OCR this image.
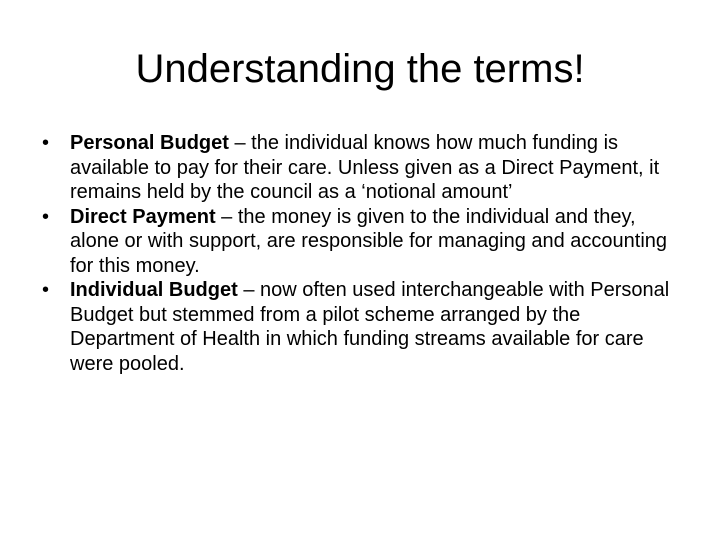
Understanding the terms!
• Personal Budget – the individual knows how much funding is available to pay for their care. Unless given as a Direct Payment, it remains held by the council as a ‘notional amount’
• Direct Payment – the money is given to the individual and they, alone or with support, are responsible for managing and accounting for this money.
• Individual Budget – now often used interchangeable with Personal Budget but stemmed from a pilot scheme arranged by the Department of Health in which funding streams available for care were pooled.
